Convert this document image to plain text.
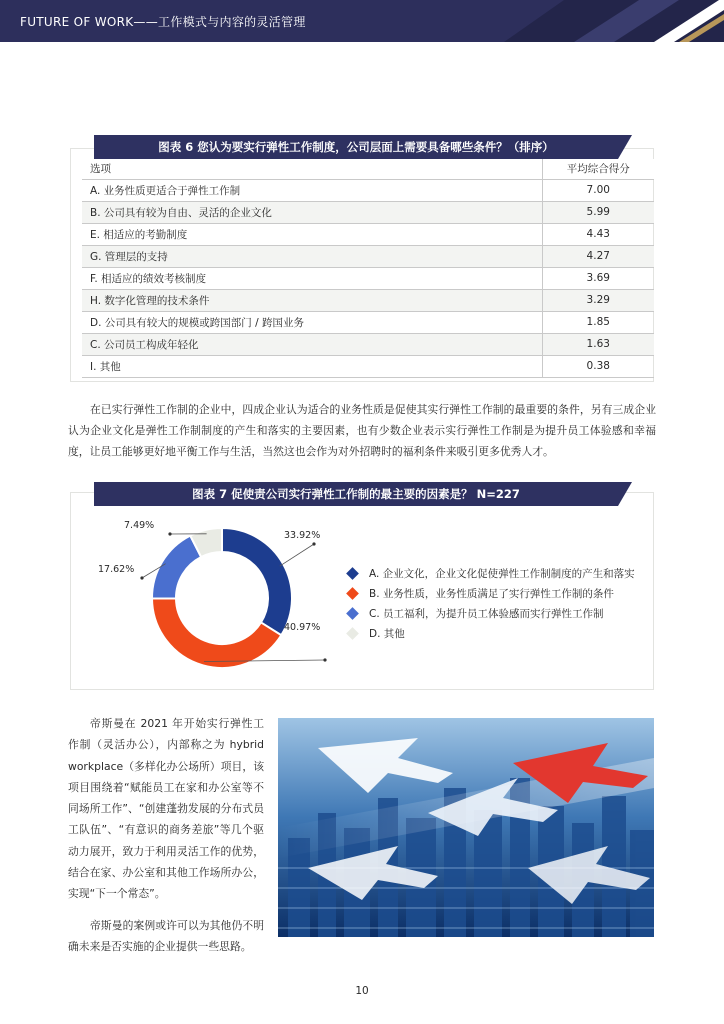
FUTURE OF WORK——工作模式与内容的灵活管理
图表 6 您认为要实行弹性工作制度，公司层面上需要具备哪些条件？（排序）
选项	平均综合得分
A. 业务性质更适合于弹性工作制	7.00
B. 公司具有较为自由、灵活的企业文化	5.99
E. 相适应的考勤制度	4.43
G. 管理层的支持	4.27
F. 相适应的绩效考核制度	3.69
H. 数字化管理的技术条件	3.29
D. 公司具有较大的规模或跨国部门 / 跨国业务	1.85
C. 公司员工构成年轻化	1.63
I. 其他	0.38

在已实行弹性工作制的企业中，四成企业认为适合的业务性质是促使其实行弹性工作制的最重要的条件，另有三成企业认为企业文化是弹性工作制制度的产生和落实的主要因素，也有少数企业表示实行弹性工作制是为提升员工体验感和幸福度，让员工能够更好地平衡工作与生活，当然这也会作为对外招聘时的福利条件来吸引更多优秀人才。

图表 7 促使责公司实行弹性工作制的最主要的因素是？ N=227
33.92%
40.97%
17.62%
7.49%
A. 企业文化，企业文化促使弹性工作制制度的产生和落实
B. 业务性质，业务性质满足了实行弹性工作制的条件
C. 员工福利，为提升员工体验感而实行弹性工作制
D. 其他

帝斯曼在 2021 年开始实行弹性工作制（灵活办公），内部称之为 hybrid workplace（多样化办公场所）项目，该项目围绕着“赋能员工在家和办公室等不同场所工作”、“创建蓬勃发展的分布式员工队伍”、“有意识的商务差旅”等几个驱动力展开，致力于利用灵活工作的优势，结合在家、办公室和其他工作场所办公，实现“下一个常态”。

帝斯曼的案例或许可以为其他仍不明确未来是否实施的企业提供一些思路。

10
